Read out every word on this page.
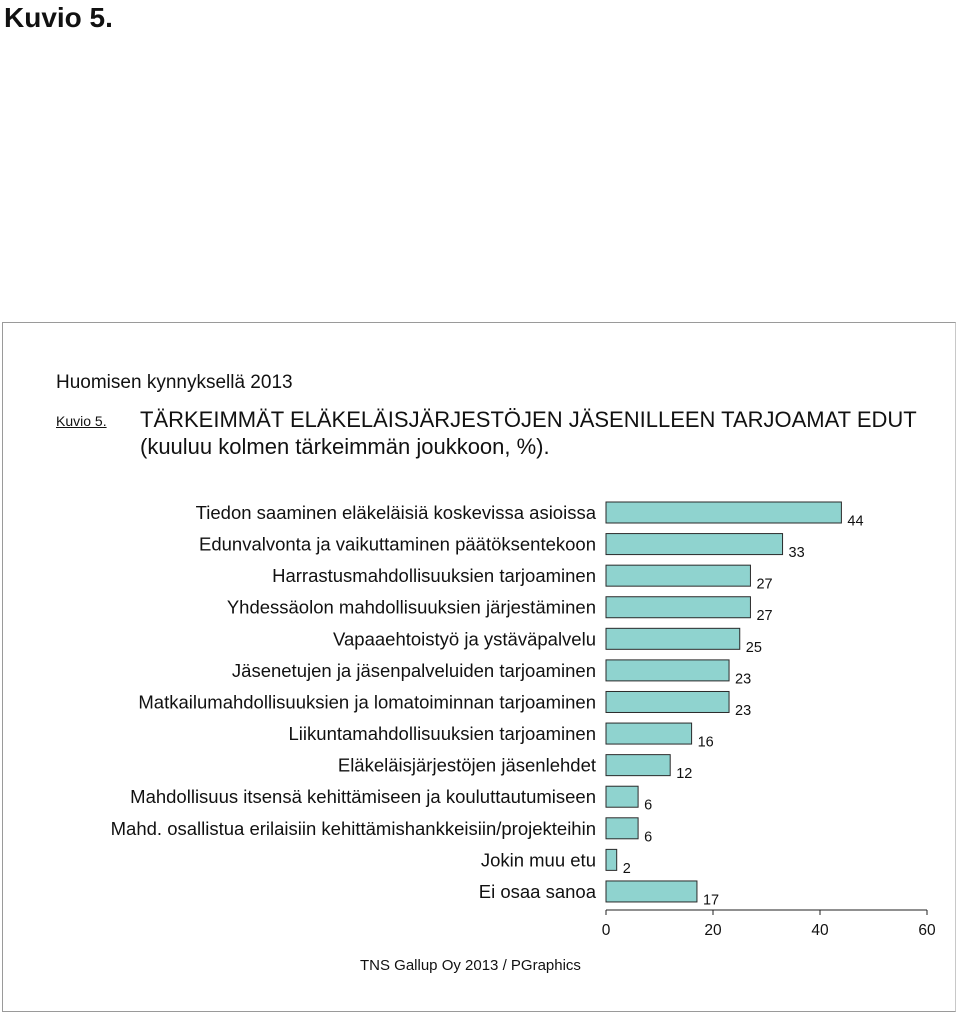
Kuvio 5.
Huomisen kynnyksellä 2013
Kuvio 5. TÄRKEIMMÄT ELÄKELÄISJÄRJESTÖJEN JÄSENILLEEN TARJOAMAT EDUT (kuuluu kolmen tärkeimmän joukkoon, %).
Tiedon saaminen eläkeläisiä koskevissa asioissa	44
Edunvalvonta ja vaikuttaminen päätöksentekoon	33
Harrastusmahdollisuuksien tarjoaminen	27
Yhdessäolon mahdollisuuksien järjestäminen	27
Vapaaehtoistyö ja ystäväpalvelu	25
Jäsenetujen ja jäsenpalveluiden tarjoaminen	23
Matkailumahdollisuuksien ja lomatoiminnan tarjoaminen	23
Liikuntamahdollisuuksien tarjoaminen	16
Eläkeläisjärjestöjen jäsenlehdet	12
Mahdollisuus itsensä kehittämiseen ja kouluttautumiseen	6
Mahd. osallistua erilaisiin kehittämishankkeisiin/projekteihin	6
Jokin muu etu 2
Ei osaa sanoa	17
0	20	40	60
TNS Gallup Oy 2013 / PGraphics
